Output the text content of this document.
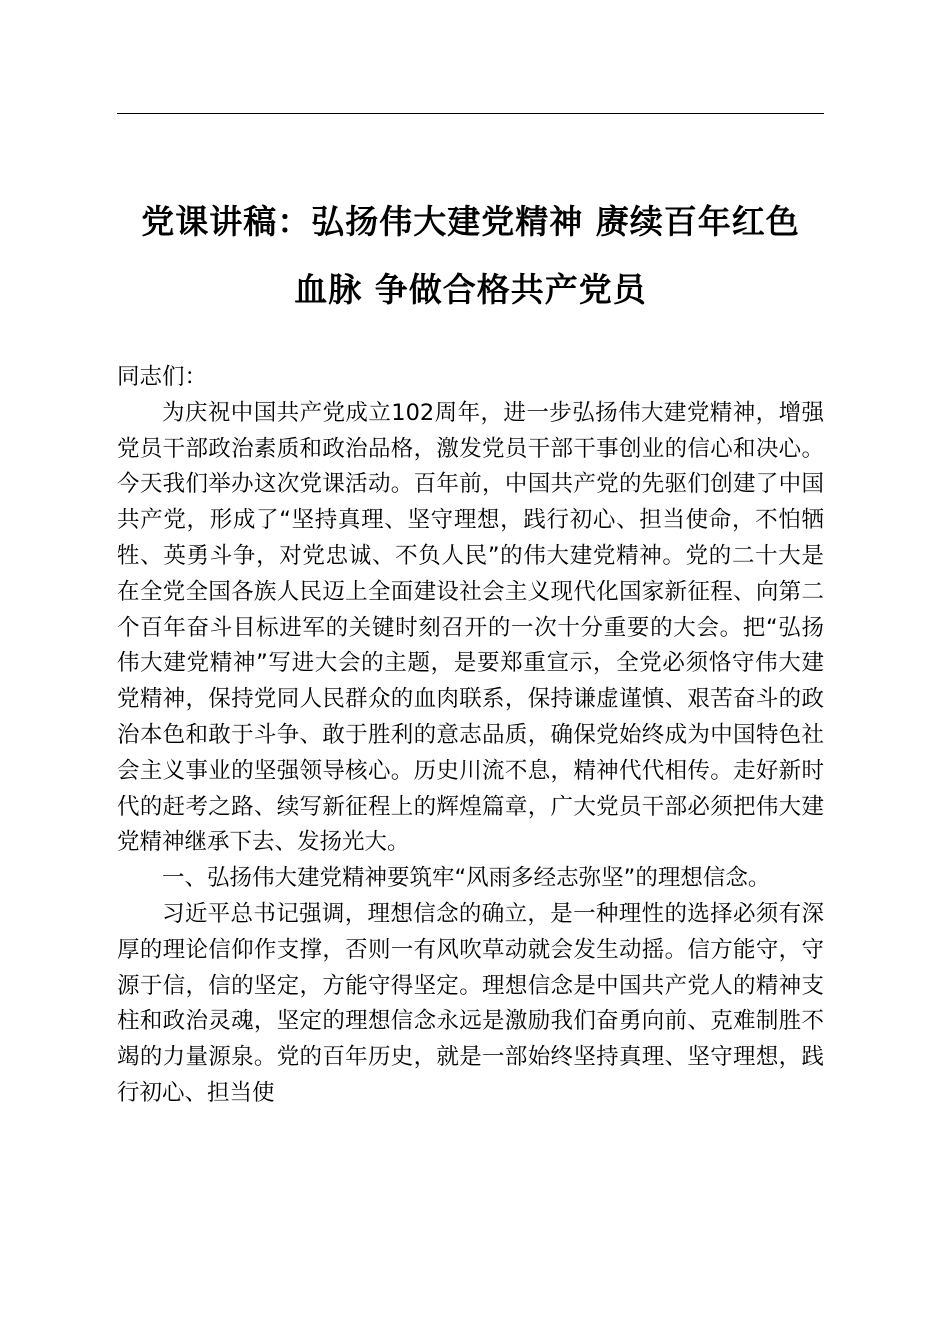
党课讲稿：弘扬伟大建党精神 赓续百年红色
血脉 争做合格共产党员

同志们：

为庆祝中国共产党成立102周年，进一步弘扬伟大建党精神，增强党员干部政治素质和政治品格，激发党员干部干事创业的信心和决心。今天我们举办这次党课活动。百年前，中国共产党的先驱们创建了中国共产党，形成了“坚持真理、坚守理想，践行初心、担当使命，不怕牺牲、英勇斗争，对党忠诚、不负人民”的伟大建党精神。党的二十大是在全党全国各族人民迈上全面建设社会主义现代化国家新征程、向第二个百年奋斗目标进军的关键时刻召开的一次十分重要的大会。把“弘扬伟大建党精神”写进大会的主题，是要郑重宣示，全党必须恪守伟大建党精神，保持党同人民群众的血肉联系，保持谦虚谨慎、艰苦奋斗的政治本色和敢于斗争、敢于胜利的意志品质，确保党始终成为中国特色社会主义事业的坚强领导核心。历史川流不息，精神代代相传。走好新时代的赶考之路、续写新征程上的辉煌篇章，广大党员干部必须把伟大建党精神继承下去、发扬光大。

一、弘扬伟大建党精神要筑牢“风雨多经志弥坚”的理想信念。

习近平总书记强调，理想信念的确立，是一种理性的选择必须有深厚的理论信仰作支撑，否则一有风吹草动就会发生动摇。信方能守，守源于信，信的坚定，方能守得坚定。理想信念是中国共产党人的精神支柱和政治灵魂，坚定的理想信念永远是激励我们奋勇向前、克难制胜不竭的力量源泉。党的百年历史，就是一部始终坚持真理、坚守理想，践行初心、担当使
